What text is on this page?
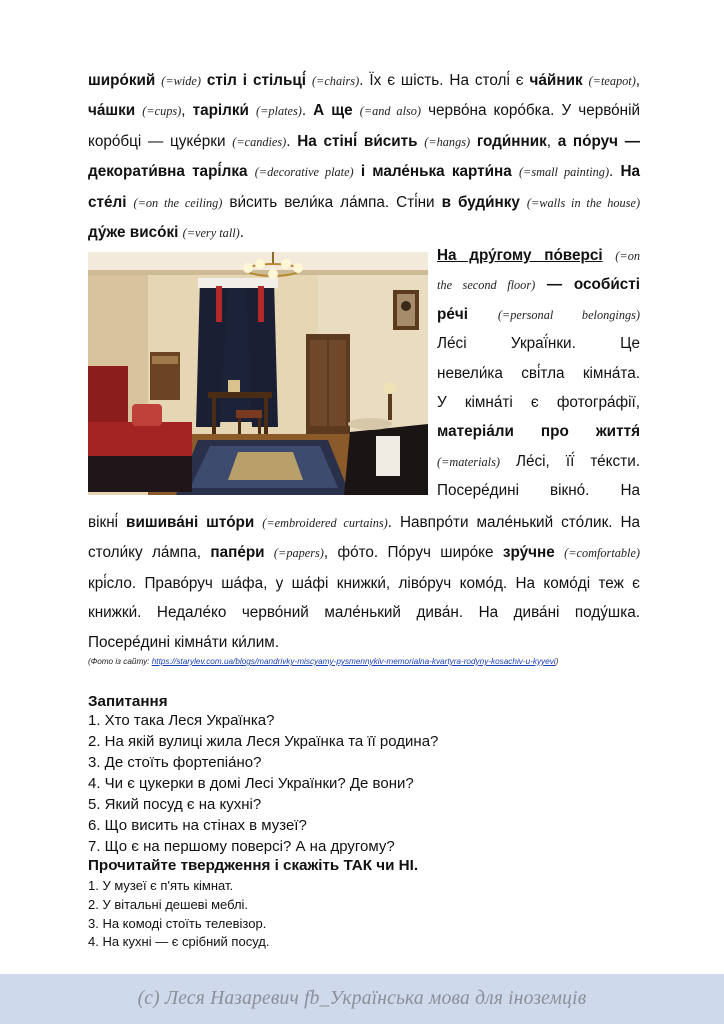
широ́кий (=wide) стіл і стільці́ (=chairs). Їх є шість. На столі́ є ча́йник (=teapot), ча́шки (=cups), тарілки́ (=plates). А ще (=and also) черво́на коро́бка. У черво́ній коро́бці — цуке́рки (=candies). На стіні́ ви́сить (=hangs) годи́нник, а по́руч — декорати́вна тарі́лка (=decorative plate) і мале́нька карти́на (=small painting). На сте́лі (=on the ceiling) ви́сить вели́ка ла́мпа. Сті́ни в буди́нку (=walls in the house) ду́же висо́кі (=very tall).

На дру́гому по́версі (=on
the second floor) — особи́сті
ре́чі (=personal belongings)
Ле́сі Украї́нки. Це
невели́ка сві́тла кімна́та.
У кімна́ті є фотогра́фії,
матеріа́ли про життя́
(=materials) Ле́сі, її́ те́ксти.
Посере́дині вікно́. На

вікні́ вишива́ні што́ри (=embroidered curtains). Навпро́ти мале́нький сто́лик. На столи́ку ла́мпа, папе́ри (=papers), фо́то. По́руч широ́ке зру́чне (=comfortable) крі́сло. Право́руч ша́фа, у ша́фі книжки́, ліво́руч комо́д. На комо́ді теж є книжки́. Недале́ко черво́ний мале́нький дива́н. На дива́ні поду́шка. Посере́дині кімна́ти ки́лим.

(Фото із сайту: https://starylev.com.ua/blogs/mandrivky-miscyamy-pysmennykiv-memorialna-kvartyra-rodyny-kosachiv-u-kyyevi)

Запитання

1. Хто така Леся Українка?
2. На якій вулиці жила Леся Українка та її родина?
3. Де стоїть фортепіа́но?
4. Чи є цукерки в домі Лесі Українки? Де вони?
5. Який посуд є на кухні?
6. Що висить на стінах в музеї?
7. Що є на першому поверсі? А на другому?

Прочитайте твердження і скажіть ТАК чи НІ.

1. У музеї є п'ять кімнат.
2. У вітальні дешеві меблі.
3. На комоді стоїть телевізор.
4. На кухні — є срібний посуд.
(с) Леся Назаревич fb_Українська мова для іноземців
